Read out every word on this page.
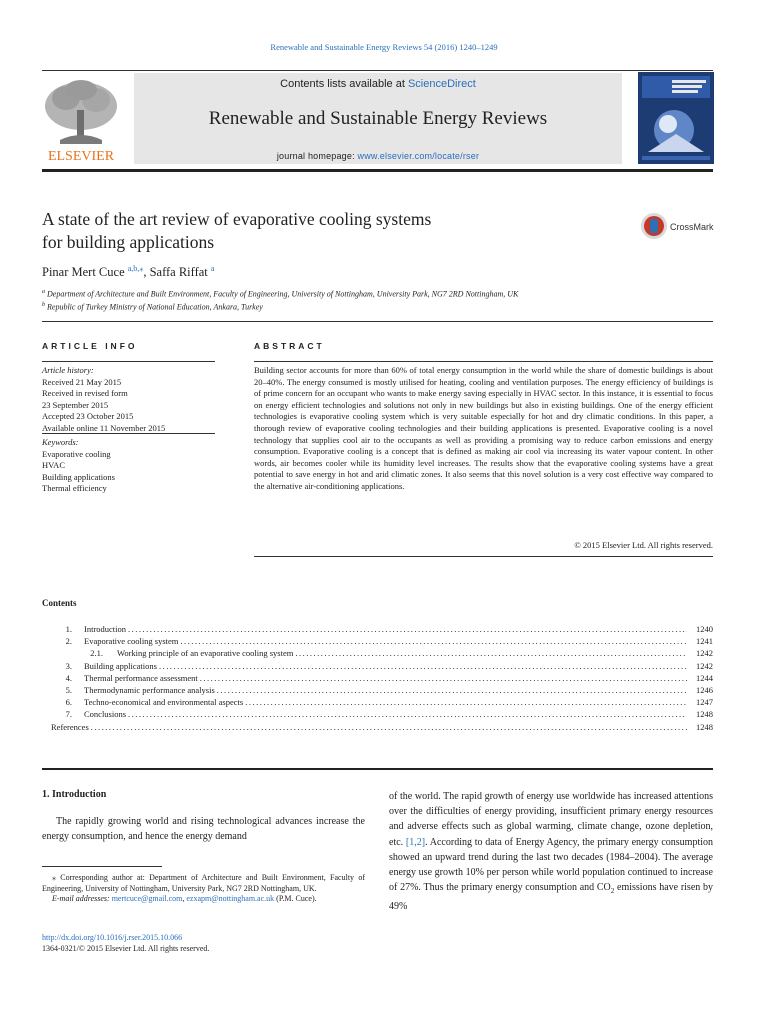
Renewable and Sustainable Energy Reviews 54 (2016) 1240–1249
ELSEVIER
Contents lists available at ScienceDirect
Renewable and Sustainable Energy Reviews
journal homepage: www.elsevier.com/locate/rser
A state of the art review of evaporative cooling systems
for building applications
CrossMark
Pinar Mert Cuce $^{a,b,⁎}$, Saffa Riffat $^a$
$^a$ Department of Architecture and Built Environment, Faculty of Engineering, University of Nottingham, University Park, NG7 2RD Nottingham, UK
$^b$ Republic of Turkey Ministry of National Education, Ankara, Turkey
ARTICLE INFO
Article history:
Received 21 May 2015
Received in revised form
23 September 2015
Accepted 23 October 2015
Available online 11 November 2015
Keywords:
Evaporative cooling
HVAC
Building applications
Thermal efficiency
ABSTRACT
Building sector accounts for more than 60% of total energy consumption in the world while the share of domestic buildings is about 20–40%. The energy consumed is mostly utilised for heating, cooling and ventilation purposes. The energy efficiency of buildings is of prime concern for an occupant who wants to make energy saving especially in HVAC sector. In this instance, it is essential to focus on energy efficient technologies and solutions not only in new buildings but also in existing buildings. One of the energy efficient technologies is evaporative cooling system which is very suitable especially for hot and dry climatic conditions. In this paper, a thorough review of evaporative cooling technologies and their building applications is presented. Evaporative cooling is a novel technology that supplies cool air to the occupants as well as providing a promising way to reduce carbon emissions and energy consumption. Evaporative cooling is a concept that is defined as making air cool via increasing its water vapour content. In other words, air becomes cooler while its humidity level increases. The results show that the evaporative cooling systems have a great potential to save energy in hot and arid climatic zones. It also seems that this novel solution is a very cost effective way compared to the alternative air-conditioning applications.
© 2015 Elsevier Ltd. All rights reserved.
Contents
1.	Introduction .....	1240
2.	Evaporative cooling system .....	1241
2.1.	Working principle of an evaporative cooling system .....	1242
3.	Building applications .....	1242
4.	Thermal performance assessment .....	1244
5.	Thermodynamic performance analysis .....	1246
6.	Techno-economical and environmental aspects .....	1247
7.	Conclusions .....	1248
References .....	1248
1. Introduction
The rapidly growing world and rising technological advances increase the energy consumption, and hence the energy demand
of the world. The rapid growth of energy use worldwide has increased attentions over the difficulties of energy providing, insufficient primary energy resources and adverse effects such as global warming, climate change, ozone depletion, etc. [1,2]. According to data of Energy Agency, the primary energy consumption showed an upward trend during the last two decades (1984–2004). The average energy use growth 10% per person while world population continued to increase of 27%. Thus the primary energy consumption and $CO_2$ emissions have risen by 49%
⁎ Corresponding author at: Department of Architecture and Built Environment, Faculty of Engineering, University of Nottingham, University Park, NG7 2RD Nottingham, UK.
E-mail addresses: mertcuce@gmail.com, ezxapm@nottingham.ac.uk (P.M. Cuce).
http://dx.doi.org/10.1016/j.rser.2015.10.066
1364-0321/© 2015 Elsevier Ltd. All rights reserved.
